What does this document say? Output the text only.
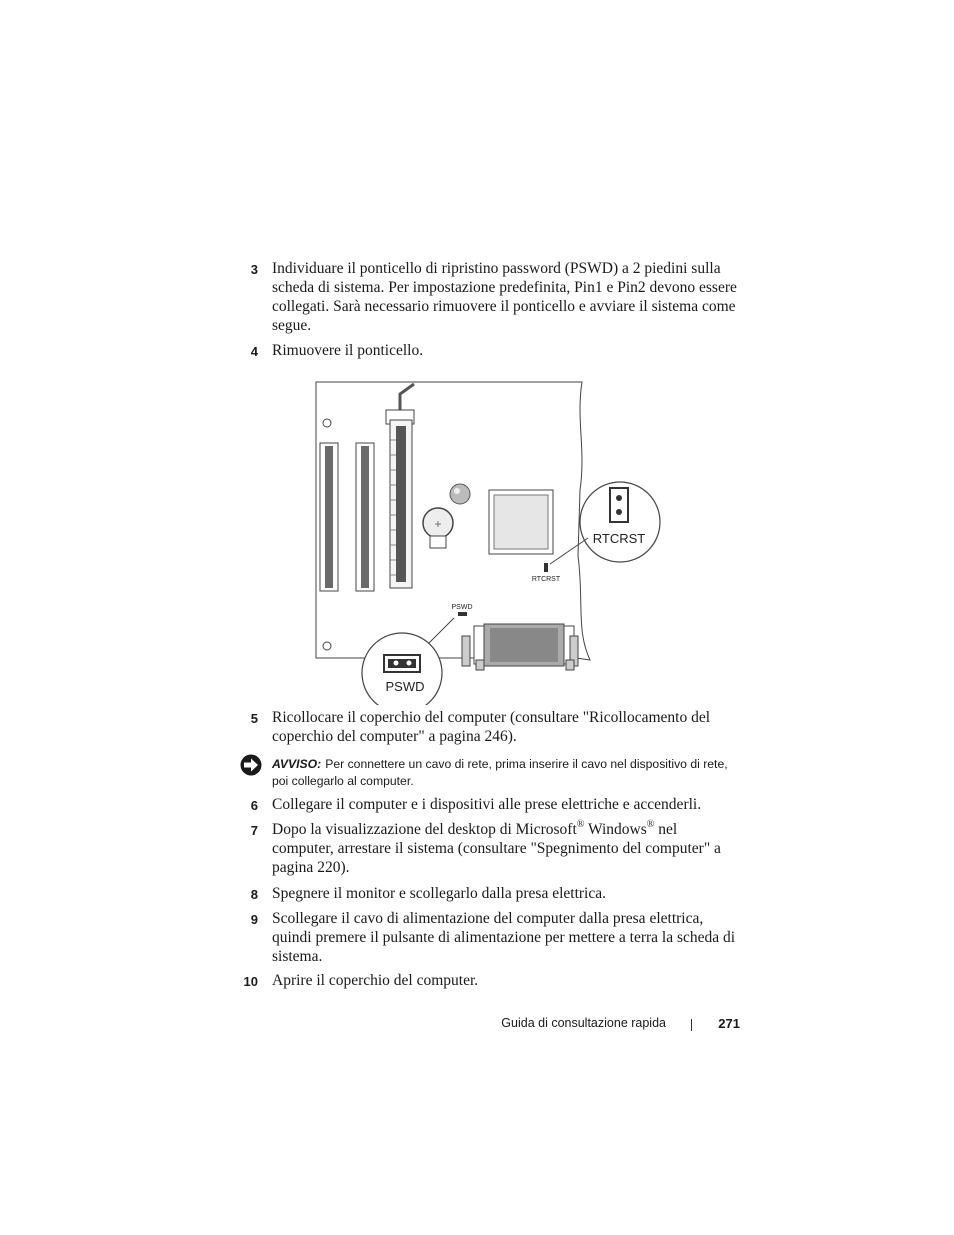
3 Individuare il ponticello di ripristino password (PSWD) a 2 piedini sulla scheda di sistema. Per impostazione predefinita, Pin1 e Pin2 devono essere collegati. Sarà necessario rimuovere il ponticello e avviare il sistema come segue.
4 Rimuovere il ponticello.
+
RTCRST
RTCRST
PSWD
PSWD
5 Ricollocare il coperchio del computer (consultare "Ricollocamento del coperchio del computer" a pagina 246).
AVVISO: Per connettere un cavo di rete, prima inserire il cavo nel dispositivo di rete, poi collegarlo al computer.
6 Collegare il computer e i dispositivi alle prese elettriche e accenderli.
7 Dopo la visualizzazione del desktop di Microsoft® Windows® nel computer, arrestare il sistema (consultare "Spegnimento del computer" a pagina 220).
8 Spegnere il monitor e scollegarlo dalla presa elettrica.
9 Scollegare il cavo di alimentazione del computer dalla presa elettrica, quindi premere il pulsante di alimentazione per mettere a terra la scheda di sistema.
10 Aprire il coperchio del computer.
Guida di consultazione rapida	271
